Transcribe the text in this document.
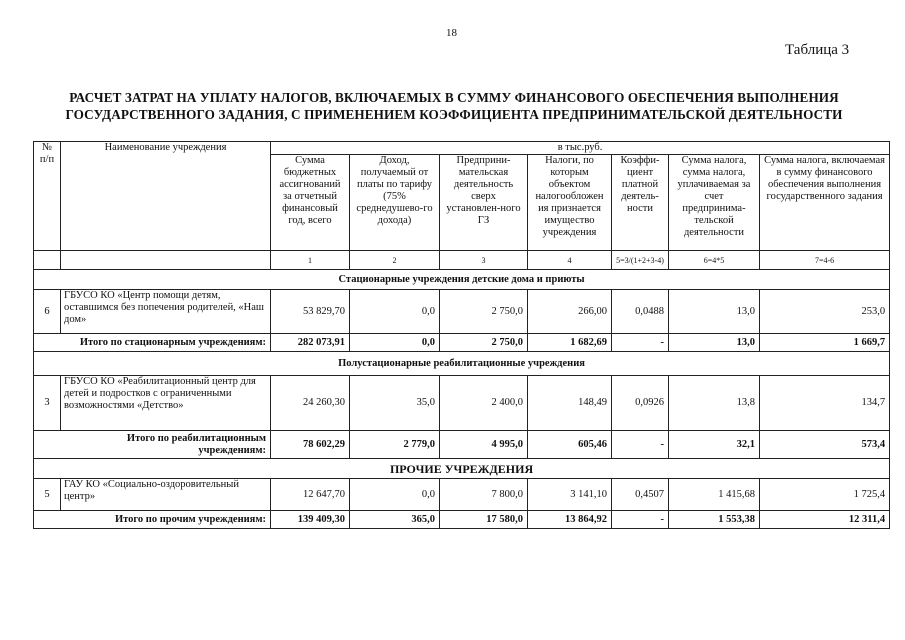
18
Таблица 3
РАСЧЕТ ЗАТРАТ НА УПЛАТУ НАЛОГОВ, ВКЛЮЧАЕМЫХ В СУММУ ФИНАНСОВОГО ОБЕСПЕЧЕНИЯ ВЫПОЛНЕНИЯ
ГОСУДАРСТВЕННОГО ЗАДАНИЯ, С ПРИМЕНЕНИЕМ КОЭФФИЦИЕНТА ПРЕДПРИНИМАТЕЛЬСКОЙ ДЕЯТЕЛЬНОСТИ
№ п/п	Наименование учреждения	в тыс.руб.						
		Сумма бюджетных ассигнований за отчетный финансовый год, всего	Доход, получаемый от платы по тарифу (75% среднедушево-го дохода)	Предприни-мательская деятельность сверх установлен-ного ГЗ	Налоги, по которым объектом налогообложен ия признается имущество учреждения	Коэффи-циент платной деятель-ности	Сумма налога, сумма налога, уплачиваемая за счет предпринима-тельской деятельности	Сумма налога, включаемая в сумму финансового обеспечения выполнения государственного задания
		1	2	3	4	5=3/(1+2+3-4)	6=4*5	7=4-6
Стационарные учреждения детские дома и приюты								
6	ГБУСО КО «Центр помощи детям, оставшимся без попечения родителей, «Наш дом»	53 829,70	0,0	2 750,0	266,00	0,0488	13,0	253,0
Итого по стационарным учреждениям:		282 073,91	0,0	2 750,0	1 682,69	-	13,0	1 669,7
Полустационарные реабилитационные учреждения								
3	ГБУСО КО «Реабилитационный центр для детей и подростков с ограниченными возможностями «Детство»	24 260,30	35,0	2 400,0	148,49	0,0926	13,8	134,7
Итого по реабилитационным учреждениям:		78 602,29	2 779,0	4 995,0	605,46	-	32,1	573,4
ПРОЧИЕ УЧРЕЖДЕНИЯ								
5	ГАУ КО «Социально-оздоровительный центр»	12 647,70	0,0	7 800,0	3 141,10	0,4507	1 415,68	1 725,4
Итого по прочим учреждениям:		139 409,30	365,0	17 580,0	13 864,92	-	1 553,38	12 311,4
